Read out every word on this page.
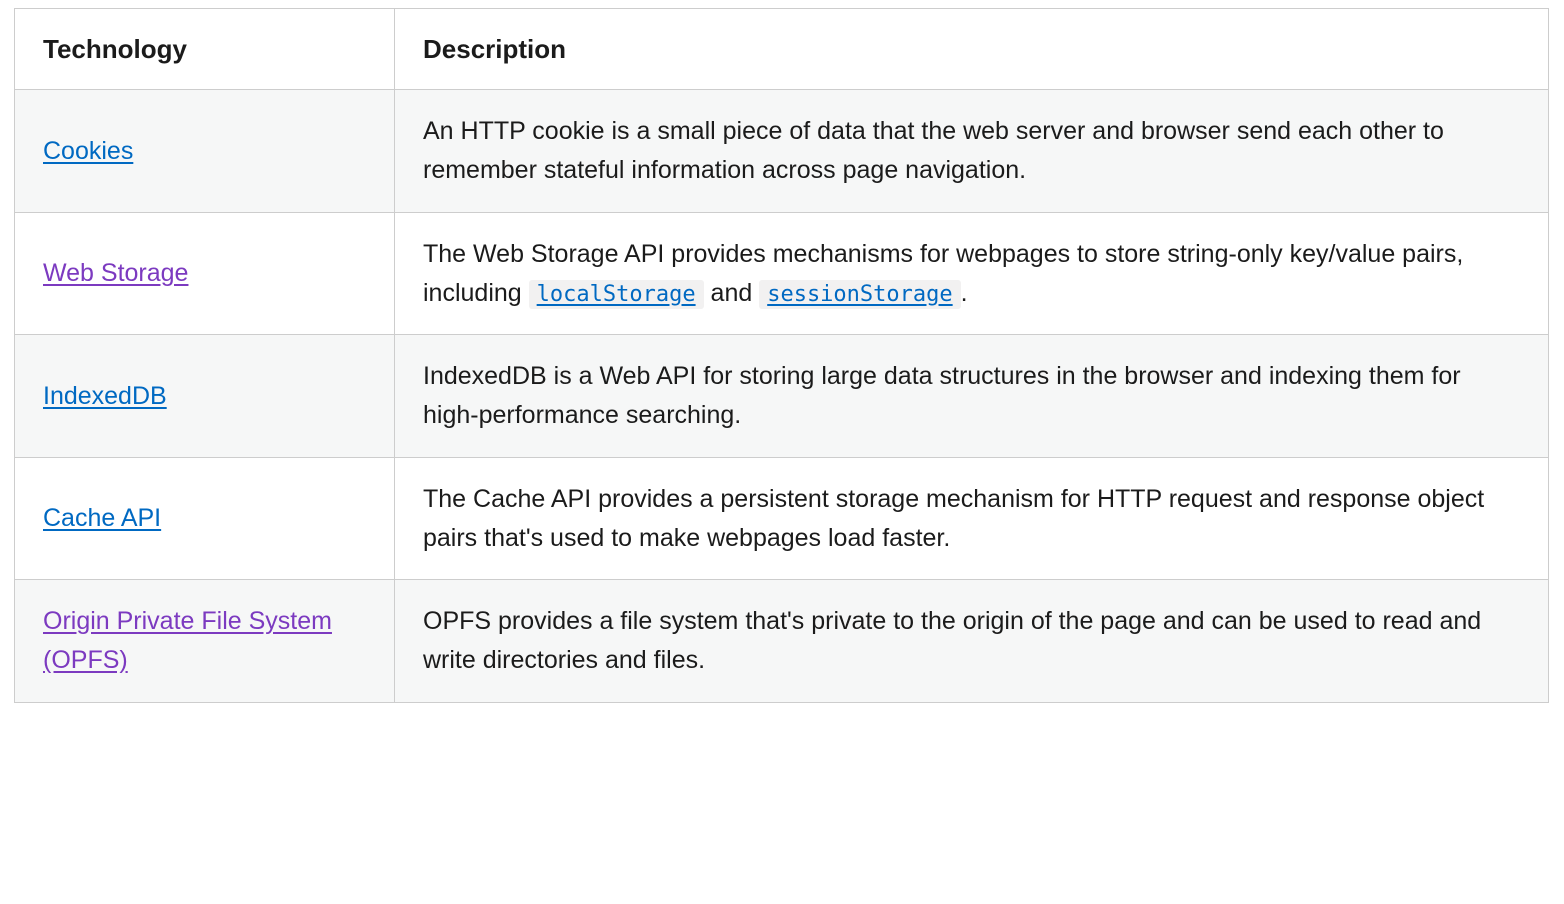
Technology	Description
Cookies	An HTTP cookie is a small piece of data that the web server and browser send each other to remember stateful information across page navigation.

Web Storage	The Web Storage API provides mechanisms for webpages to store string-only key/value pairs, including localStorage and sessionStorage .

IndexedDB	IndexedDB is a Web API for storing large data structures in the browser and indexing them for high-performance searching.

Cache API	The Cache API provides a persistent storage mechanism for HTTP request and response object pairs that's used to make webpages load faster.

Origin Private File System (OPFS)	OPFS provides a file system that's private to the origin of the page and can be used to read and write directories and files.
